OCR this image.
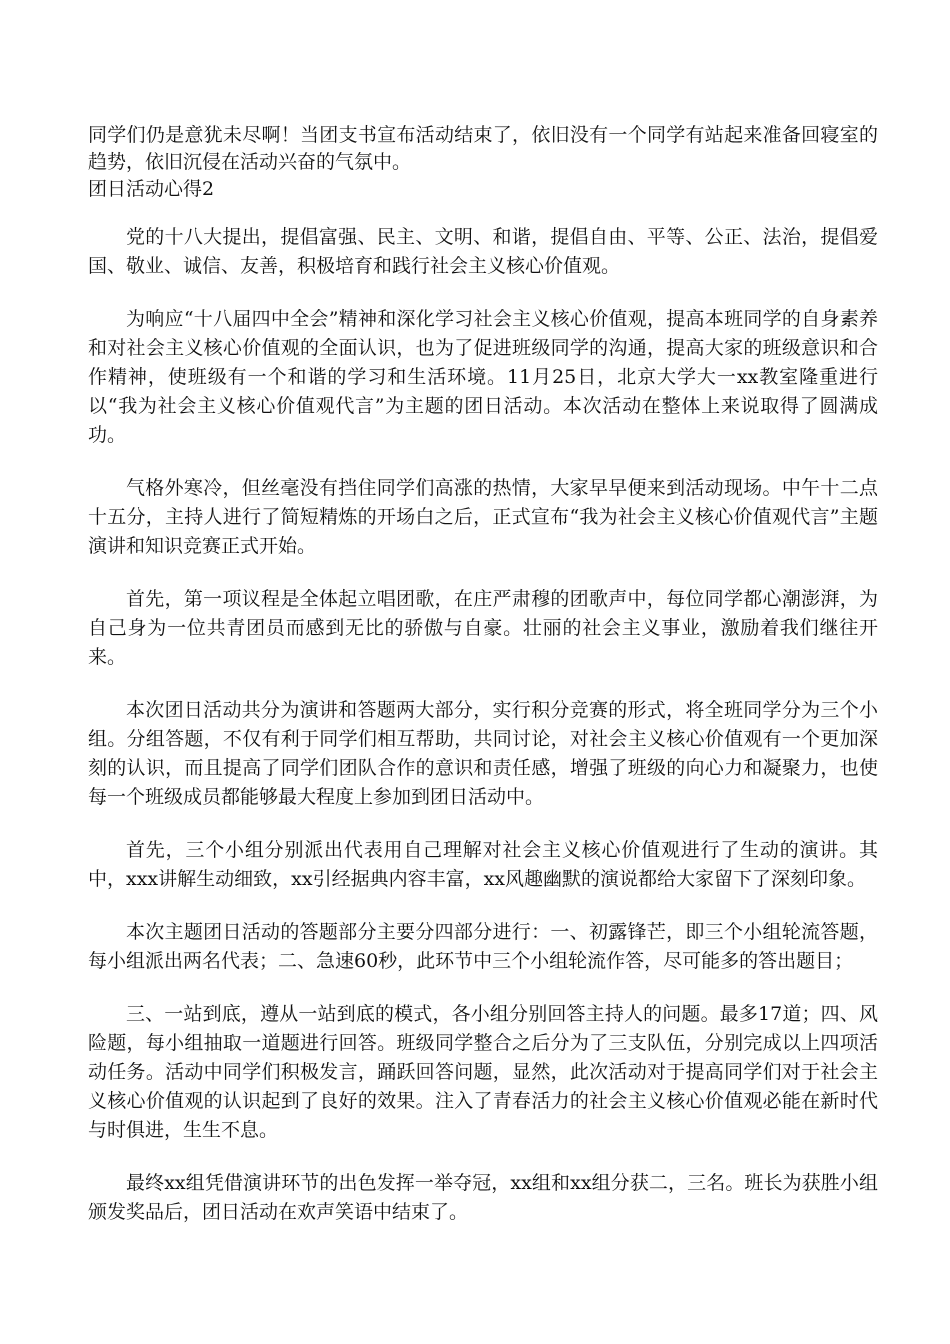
同学们仍是意犹未尽啊！当团支书宣布活动结束了，依旧没有一个同学有站起来准备回寝室的趋势，依旧沉侵在活动兴奋的气氛中。

团日活动心得2

党的十八大提出，提倡富强、民主、文明、和谐，提倡自由、平等、公正、法治，提倡爱国、敬业、诚信、友善，积极培育和践行社会主义核心价值观。

为响应“十八届四中全会”精神和深化学习社会主义核心价值观，提高本班同学的自身素养和对社会主义核心价值观的全面认识，也为了促进班级同学的沟通，提高大家的班级意识和合作精神，使班级有一个和谐的学习和生活环境。11月25日，北京大学大一xx教室隆重进行以“我为社会主义核心价值观代言”为主题的团日活动。本次活动在整体上来说取得了圆满成功。

气格外寒冷，但丝毫没有挡住同学们高涨的热情，大家早早便来到活动现场。中午十二点十五分，主持人进行了简短精炼的开场白之后，正式宣布“我为社会主义核心价值观代言”主题演讲和知识竞赛正式开始。

首先，第一项议程是全体起立唱团歌，在庄严肃穆的团歌声中，每位同学都心潮澎湃，为自己身为一位共青团员而感到无比的骄傲与自豪。壮丽的社会主义事业，激励着我们继往开来。

本次团日活动共分为演讲和答题两大部分，实行积分竞赛的形式，将全班同学分为三个小组。分组答题，不仅有利于同学们相互帮助，共同讨论，对社会主义核心价值观有一个更加深刻的认识，而且提高了同学们团队合作的意识和责任感，增强了班级的向心力和凝聚力，也使每一个班级成员都能够最大程度上参加到团日活动中。

首先，三个小组分别派出代表用自己理解对社会主义核心价值观进行了生动的演讲。其中，xxx讲解生动细致，xx引经据典内容丰富，xx风趣幽默的演说都给大家留下了深刻印象。

本次主题团日活动的答题部分主要分四部分进行：一、初露锋芒，即三个小组轮流答题，每小组派出两名代表；二、急速60秒，此环节中三个小组轮流作答，尽可能多的答出题目；

三、一站到底，遵从一站到底的模式，各小组分别回答主持人的问题。最多17道；四、风险题，每小组抽取一道题进行回答。班级同学整合之后分为了三支队伍，分别完成以上四项活动任务。活动中同学们积极发言，踊跃回答问题，显然，此次活动对于提高同学们对于社会主义核心价值观的认识起到了良好的效果。注入了青春活力的社会主义核心价值观必能在新时代与时俱进，生生不息。

最终xx组凭借演讲环节的出色发挥一举夺冠，xx组和xx组分获二，三名。班长为获胜小组颁发奖品后，团日活动在欢声笑语中结束了。
